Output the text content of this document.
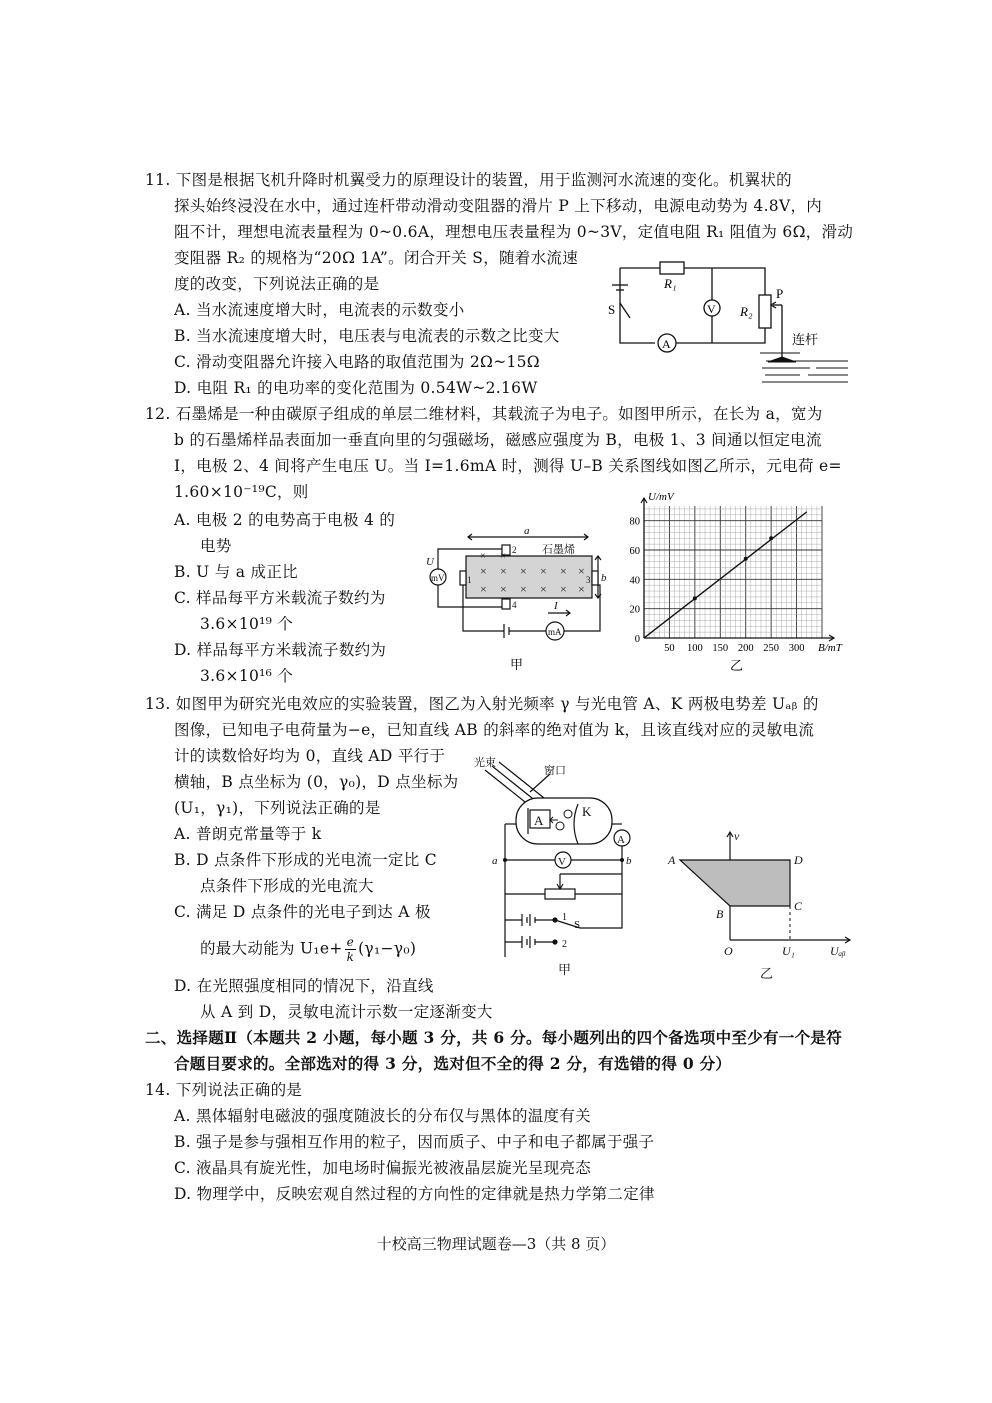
11. 下图是根据飞机升降时机翼受力的原理设计的装置，用于监测河水流速的变化。机翼状的
探头始终浸没在水中，通过连杆带动滑动变阻器的滑片 P 上下移动，电源电动势为 4.8V，内
阻不计，理想电流表量程为 0~0.6A，理想电压表量程为 0~3V，定值电阻 R₁ 阻值为 6Ω，滑动
变阻器 R₂ 的规格为“20Ω 1A”。闭合开关 S，随着水流速
度的改变，下列说法正确的是
A. 当水流速度增大时，电流表的示数变小
B. 当水流速度增大时，电压表与电流表的示数之比变大
C. 滑动变阻器允许接入电路的取值范围为 2Ω~15Ω
D. 电阻 R₁ 的电功率的变化范围为 0.54W~2.16W
R₁
R₂
P
S	V
A	连杆
12. 石墨烯是一种由碳原子组成的单层二维材料，其载流子为电子。如图甲所示，在长为 a，宽为
b 的石墨烯样品表面加一垂直向里的匀强磁场，磁感应强度为 B，电极 1、3 间通以恒定电流
I，电极 2、4 间将产生电压 U。当 I=1.6mA 时，测得 U–B 关系图线如图乙所示，元电荷 e=
1.60×10⁻¹⁹C，则
A. 电极 2 的电势高于电极 4 的
电势
B. U 与 a 成正比
C. 样品每平方米载流子数约为
3.6×10¹⁹ 个
D. 样品每平方米载流子数约为
3.6×10¹⁶ 个
× ×
× × × × × ×
× × × × × ×
a
b
石墨烯
U
mV
mA
I
1
2
3
4
甲
50 100 150 200 250 300
0
20
40
60
80
U/mV
B/mT
乙
13. 如图甲为研究光电效应的实验装置，图乙为入射光频率 γ 与光电管 A、K 两极电势差 Uₐᵦ 的
图像，已知电子电荷量为−e，已知直线 AB 的斜率的绝对值为 k，且该直线对应的灵敏电流
计的读数恰好均为 0，直线 AD 平行于
横轴，B 点坐标为 (0，γ₀)，D 点坐标为
(U₁，γ₁)，下列说法正确的是
A. 普朗克常量等于 k
B. D 点条件下形成的光电流一定比 C
点条件下形成的光电流大
C. 满足 D 点条件的光电子到达 A 极
的最大动能为 $U_1e+ \frac{e}{k} (\gamma_1-\gamma_0)$
D. 在光照强度相同的情况下，沿直线
从 A 到 D，灵敏电流计示数一定逐渐变大
光束
窗口
K
A
A
V
a	b
S
1
2
甲
ν
A	D
B
C
O	U₁	Uₐᵦ
乙
二、选择题Ⅱ（本题共 2 小题，每小题 3 分，共 6 分。每小题列出的四个备选项中至少有一个是符
合题目要求的。全部选对的得 3 分，选对但不全的得 2 分，有选错的得 0 分）
14. 下列说法正确的是
A. 黑体辐射电磁波的强度随波长的分布仅与黑体的温度有关
B. 强子是参与强相互作用的粒子，因而质子、中子和电子都属于强子
C. 液晶具有旋光性，加电场时偏振光被液晶层旋光呈现亮态
D. 物理学中，反映宏观自然过程的方向性的定律就是热力学第二定律
十校高三物理试题卷—3（共 8 页）
